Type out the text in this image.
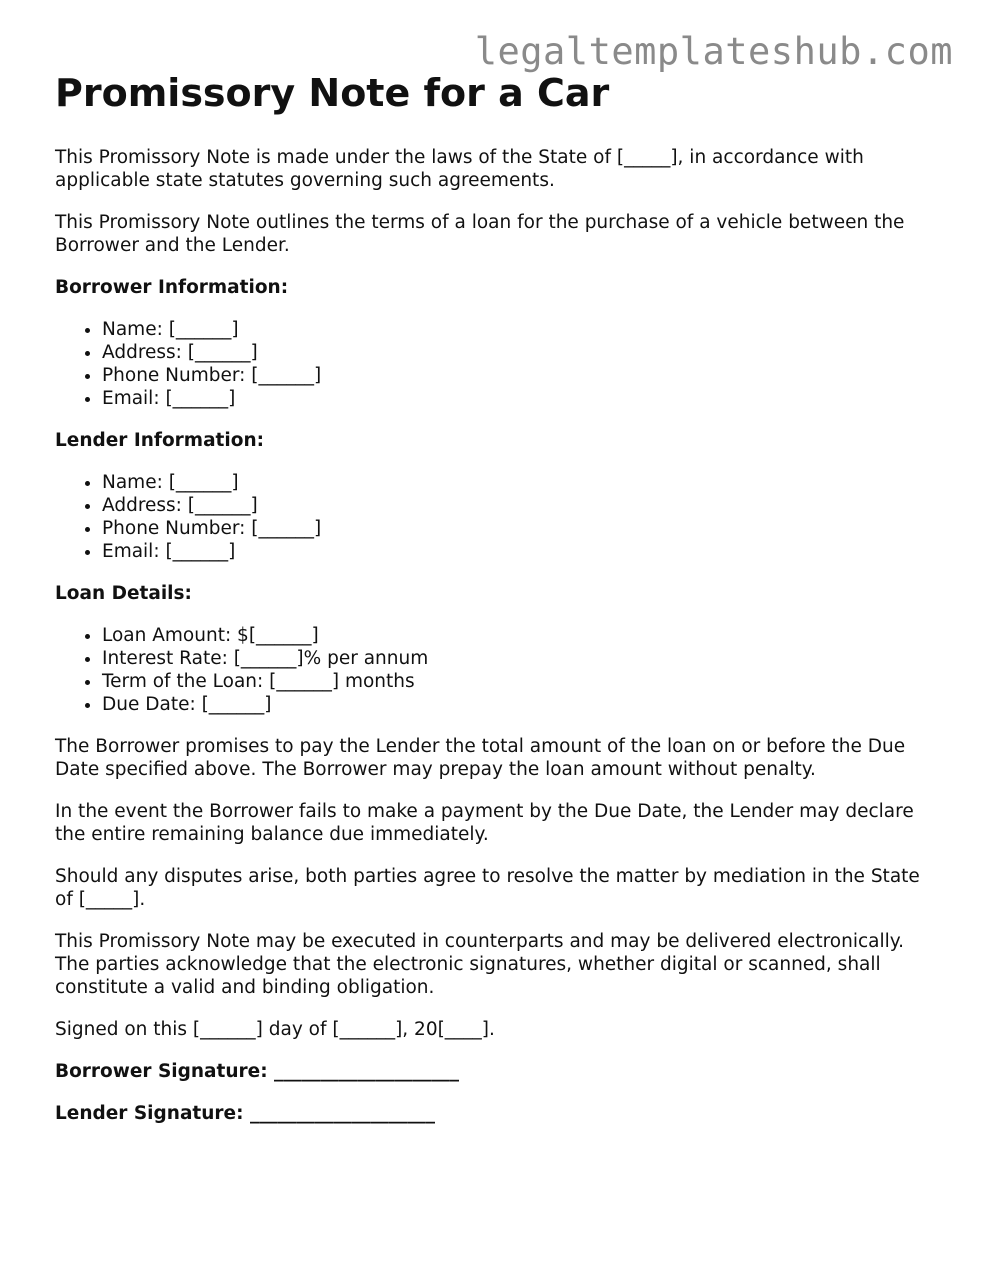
legaltemplateshub.com
Promissory Note for a Car

This Promissory Note is made under the laws of the State of [_____], in accordance with applicable state statutes governing such agreements.

This Promissory Note outlines the terms of a loan for the purchase of a vehicle between the Borrower and the Lender.

Borrower Information:

• Name: [______]
• Address: [______]
• Phone Number: [______]
• Email: [______]

Lender Information:

• Name: [______]
• Address: [______]
• Phone Number: [______]
• Email: [______]

Loan Details:

• Loan Amount: $[______]
• Interest Rate: [______]% per annum
• Term of the Loan: [______] months
• Due Date: [______]

The Borrower promises to pay the Lender the total amount of the loan on or before the Due Date specified above. The Borrower may prepay the loan amount without penalty.

In the event the Borrower fails to make a payment by the Due Date, the Lender may declare the entire remaining balance due immediately.

Should any disputes arise, both parties agree to resolve the matter by mediation in the State of [_____].

This Promissory Note may be executed in counterparts and may be delivered electronically. The parties acknowledge that the electronic signatures, whether digital or scanned, shall constitute a valid and binding obligation.

Signed on this [______] day of [______], 20[____].

Borrower Signature: ____________________

Lender Signature: ____________________
